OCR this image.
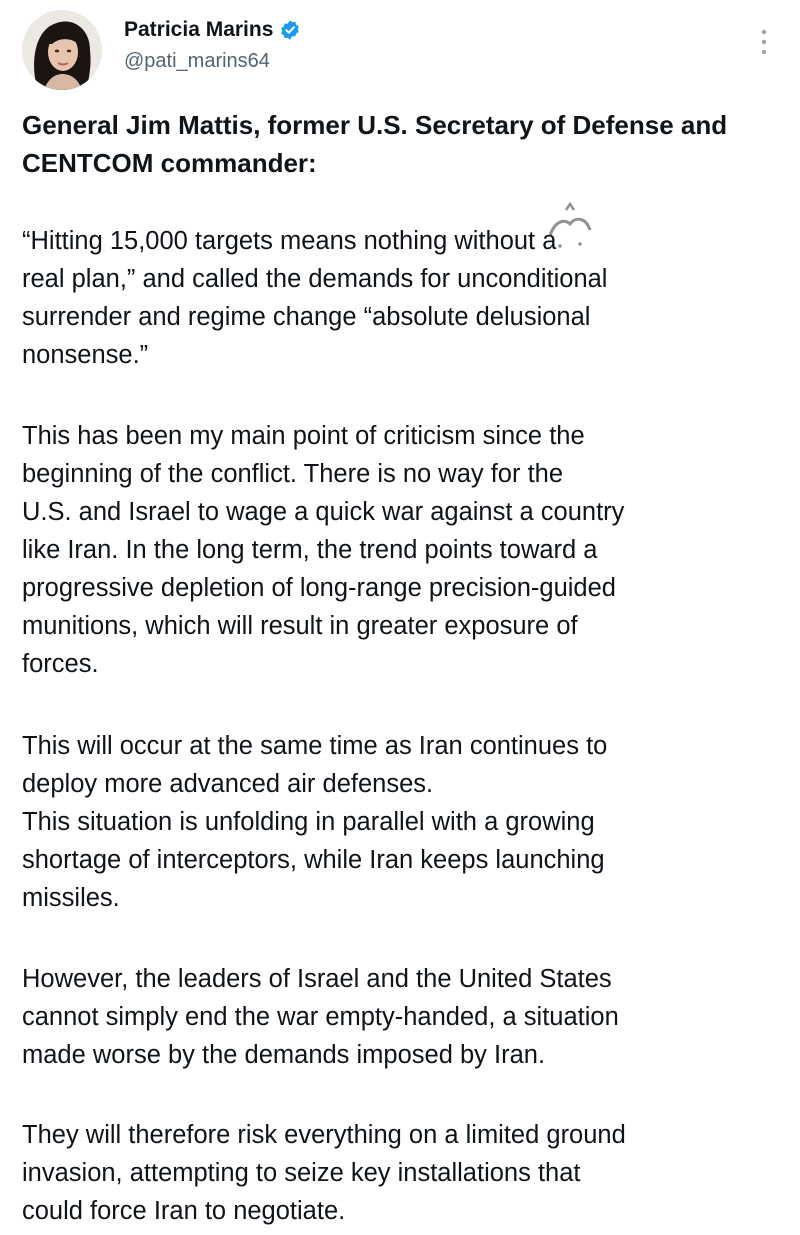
Patricia Marins
@pati_marins64

General Jim Mattis, former U.S. Secretary of Defense and CENTCOM commander:

“Hitting 15,000 targets means nothing without a
real plan,” and called the demands for unconditional
surrender and regime change “absolute delusional
nonsense.”

This has been my main point of criticism since the
beginning of the conflict. There is no way for the
U.S. and Israel to wage a quick war against a country
like Iran. In the long term, the trend points toward a
progressive depletion of long-range precision-guided
munitions, which will result in greater exposure of
forces.

This will occur at the same time as Iran continues to
deploy more advanced air defenses.
This situation is unfolding in parallel with a growing
shortage of interceptors, while Iran keeps launching
missiles.

However, the leaders of Israel and the United States
cannot simply end the war empty-handed, a situation
made worse by the demands imposed by Iran.

They will therefore risk everything on a limited ground
invasion, attempting to seize key installations that
could force Iran to negotiate.
